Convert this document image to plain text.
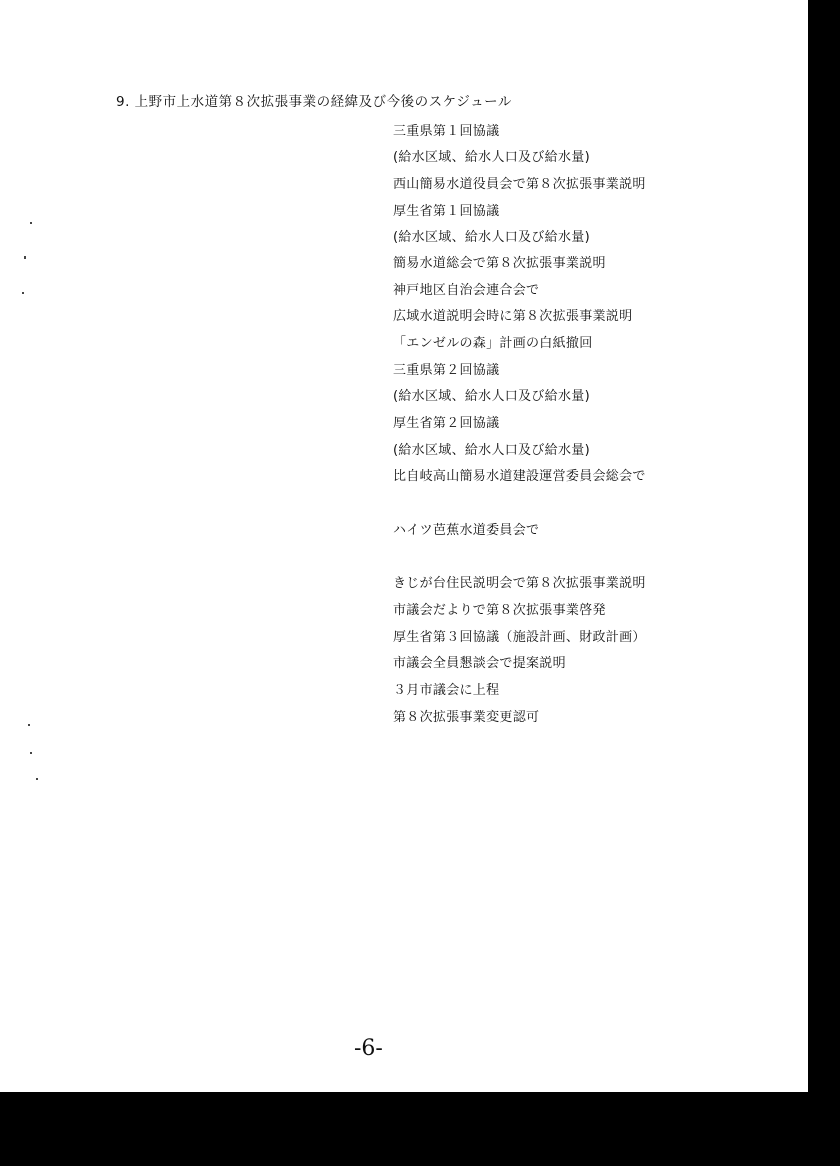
9. 上野市上水道第８次拡張事業の経緯及び今後のスケジュール
三重県第１回協議
(給水区域、給水人口及び給水量)
西山簡易水道役員会で第８次拡張事業説明
厚生省第１回協議
(給水区域、給水人口及び給水量)
簡易水道総会で第８次拡張事業説明
神戸地区自治会連合会で
広域水道説明会時に第８次拡張事業説明
「エンゼルの森」計画の白紙撤回
三重県第２回協議
(給水区域、給水人口及び給水量)
厚生省第２回協議
(給水区域、給水人口及び給水量)
比自岐高山簡易水道建設運営委員会総会で
ハイツ芭蕉水道委員会で
きじが台住民説明会で第８次拡張事業説明
市議会だよりで第８次拡張事業啓発
厚生省第３回協議（施設計画、財政計画）
市議会全員懇談会で提案説明
３月市議会に上程
第８次拡張事業変更認可
-6-
